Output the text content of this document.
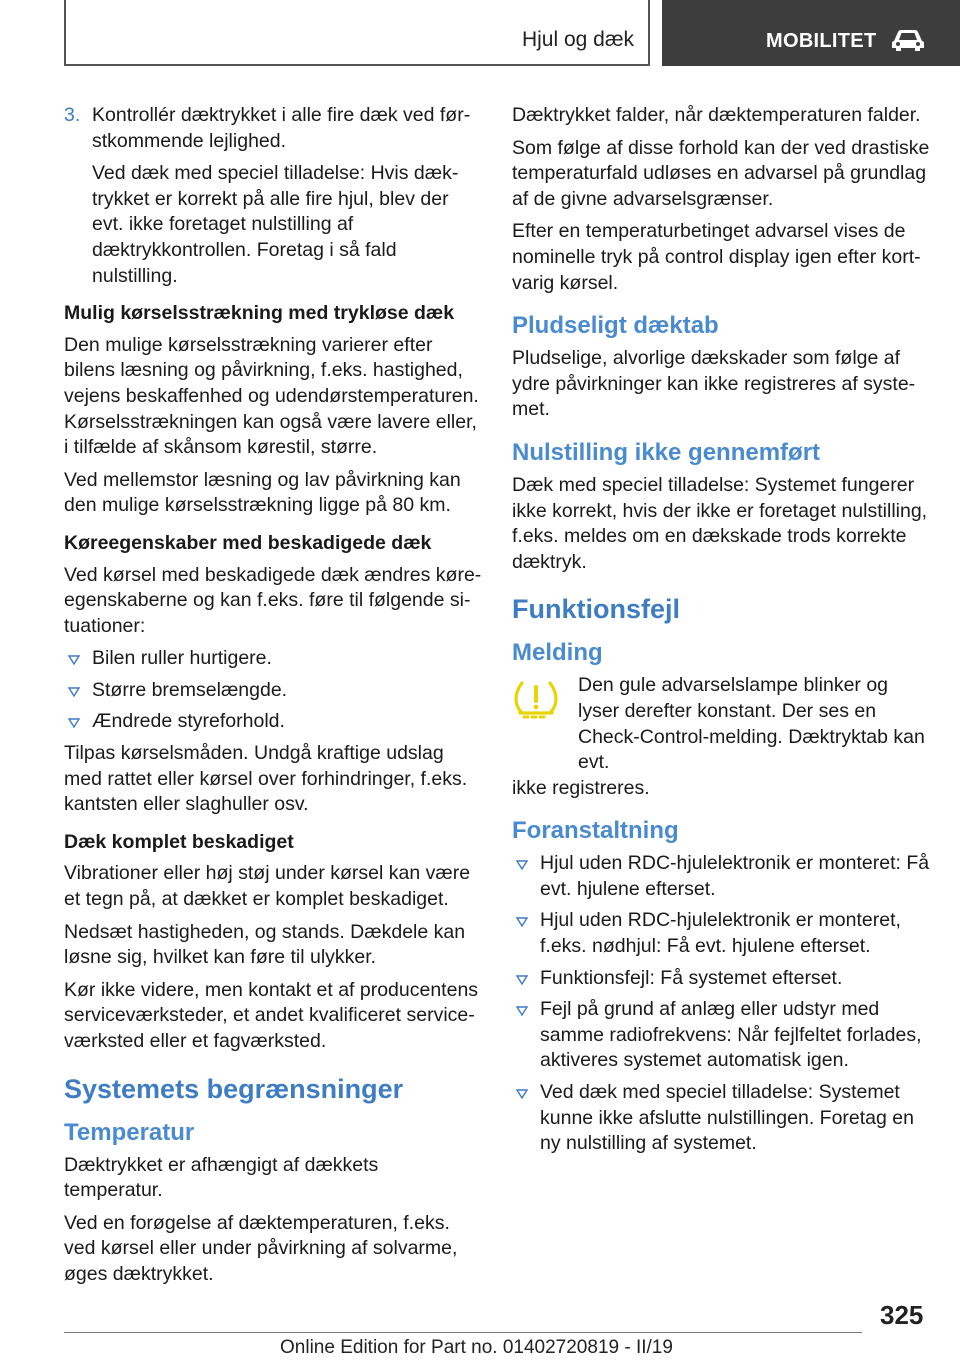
Hjul og dæk	MOBILITET
3. Kontrollér dæktrykket i alle fire dæk ved førstkommende lejlighed.

Ved dæk med speciel tilladelse: Hvis dæktrykket er korrekt på alle fire hjul, blev der evt. ikke foretaget nulstilling af dæktrykkontrollen. Foretag i så fald nulstilling.

Mulig kørselsstrækning med trykløse dæk

Den mulige kørselsstrækning varierer efter bilens læsning og påvirkning, f.eks. hastighed, vejens beskaffenhed og udendørstemperaturen. Kørselsstrækningen kan også være lavere eller, i tilfælde af skånsom kørestil, større.

Ved mellemstor læsning og lav påvirkning kan den mulige kørselsstrækning ligge på 80 km.

Køreegenskaber med beskadigede dæk

Ved kørsel med beskadigede dæk ændres køreegenskaberne og kan f.eks. føre til følgende situationer:

Bilen ruller hurtigere.
Større bremselængde.
Ændrede styreforhold.

Tilpas kørselsmåden. Undgå kraftige udslag med rattet eller kørsel over forhindringer, f.eks. kantsten eller slaghuller osv.

Dæk komplet beskadiget

Vibrationer eller høj støj under kørsel kan være et tegn på, at dækket er komplet beskadiget.

Nedsæt hastigheden, og stands. Dækdele kan løsne sig, hvilket kan føre til ulykker.

Kør ikke videre, men kontakt et af producentens serviceværksteder, et andet kvalificeret serviceværksted eller et fagværksted.

Systemets begrænsninger
Temperatur

Dæktrykket er afhængigt af dækkets temperatur.

Ved en forøgelse af dæktemperaturen, f.eks. ved kørsel eller under påvirkning af solvarme, øges dæktrykket.

Dæktrykket falder, når dæktemperaturen falder.

Som følge af disse forhold kan der ved drastiske temperaturfald udløses en advarsel på grundlag af de givne advarselsgrænser.

Efter en temperaturbetinget advarsel vises de nominelle tryk på control display igen efter kortvarig kørsel.

Pludseligt dæktab

Pludselige, alvorlige dækskader som følge af ydre påvirkninger kan ikke registreres af systemet.

Nulstilling ikke gennemført

Dæk med speciel tilladelse: Systemet fungerer ikke korrekt, hvis der ikke er foretaget nulstilling, f.eks. meldes om en dækskade trods korrekte dæktryk.

Funktionsfejl
Melding

Den gule advarselslampe blinker og lyser derefter konstant. Der ses en Check-Control-melding. Dæktryktab kan evt.

ikke registreres.

Foranstaltning
Hjul uden RDC-hjulelektronik er monteret: Få evt. hjulene efterset.
Hjul uden RDC-hjulelektronik er monteret, f.eks. nødhjul: Få evt. hjulene efterset.
Funktionsfejl: Få systemet efterset.
Fejl på grund af anlæg eller udstyr med samme radiofrekvens: Når fejlfeltet forlades, aktiveres systemet automatisk igen.
Ved dæk med speciel tilladelse: Systemet kunne ikke afslutte nulstillingen. Foretag en ny nulstilling af systemet.
325
Online Edition for Part no. 01402720819 - II/19
